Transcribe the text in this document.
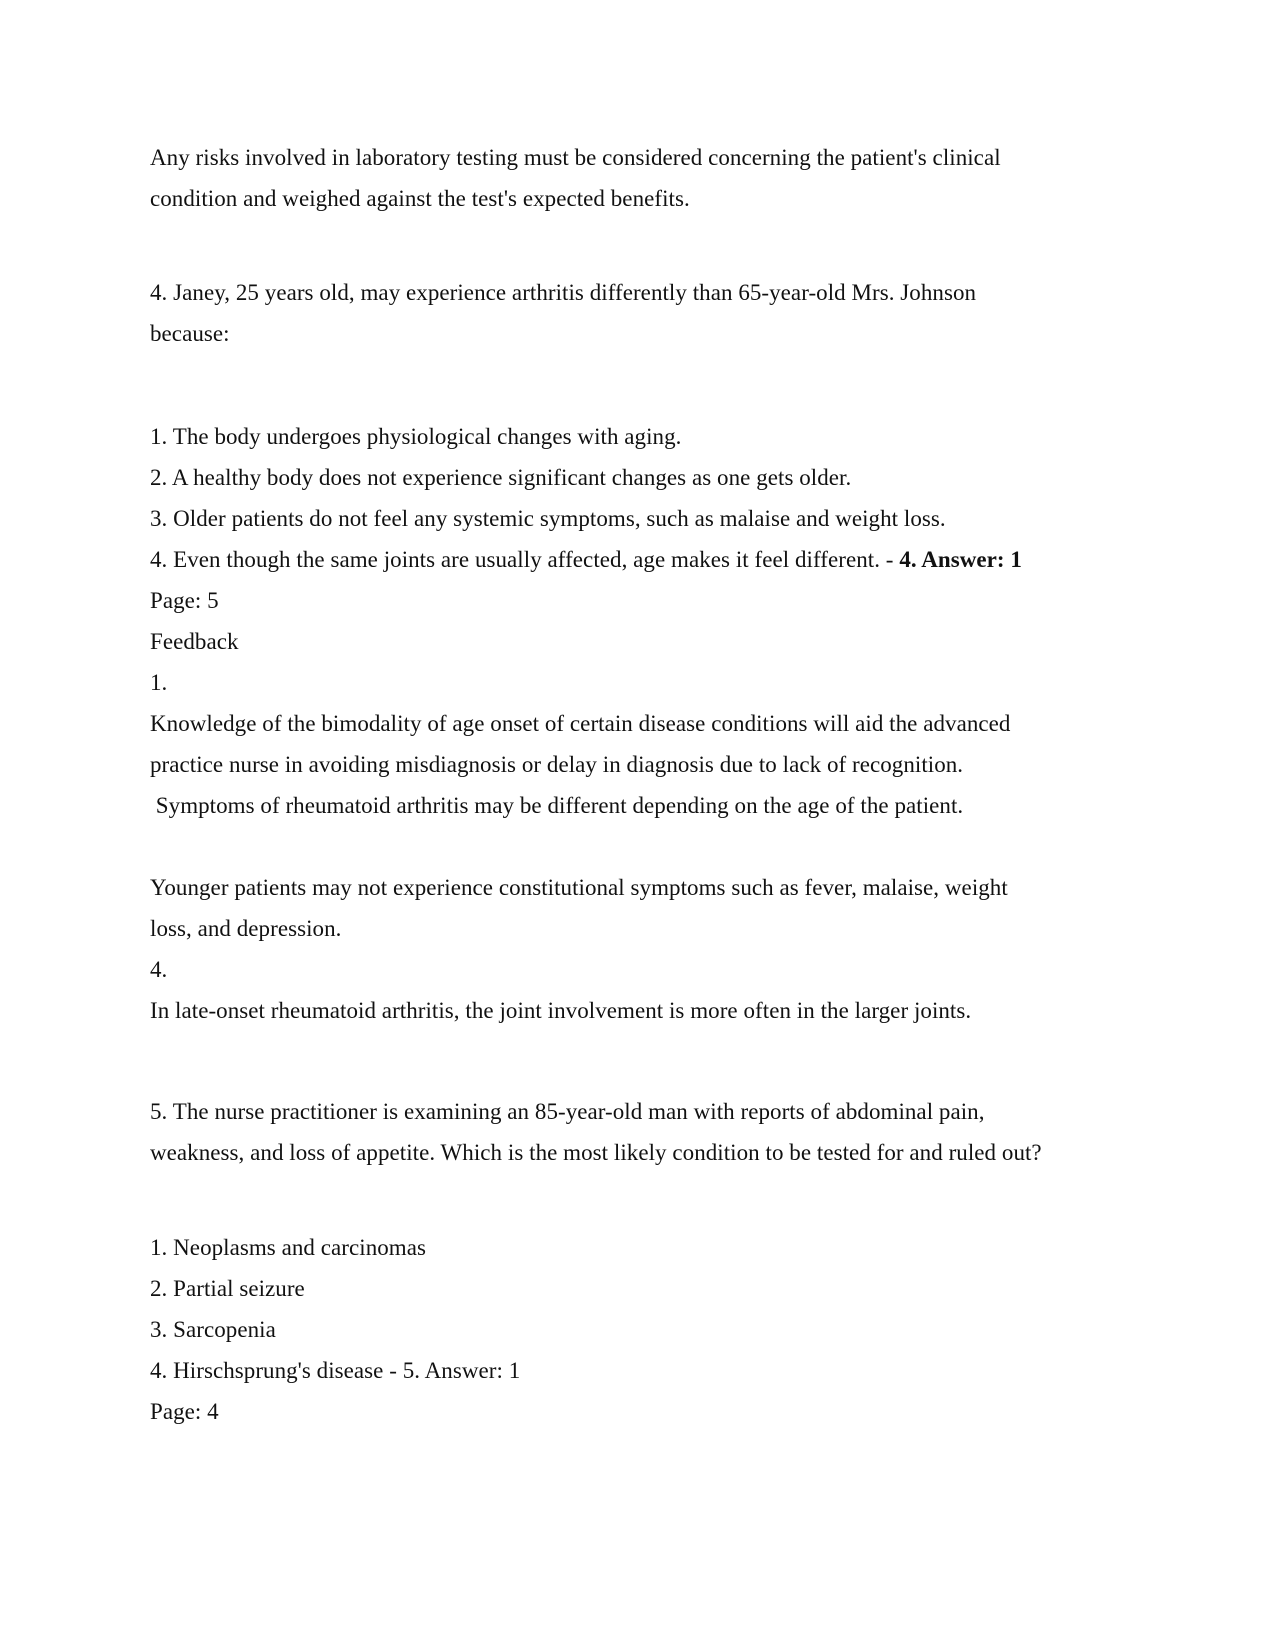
Any risks involved in laboratory testing must be considered concerning the patient's clinical
condition and weighed against the test's expected benefits.
4. Janey, 25 years old, may experience arthritis differently than 65-year-old Mrs. Johnson
because:
1. The body undergoes physiological changes with aging.
2. A healthy body does not experience significant changes as one gets older.
3. Older patients do not feel any systemic symptoms, such as malaise and weight loss.
4. Even though the same joints are usually affected, age makes it feel different. - 4. Answer: 1
Page: 5
Feedback
1.
Knowledge of the bimodality of age onset of certain disease conditions will aid the advanced
practice nurse in avoiding misdiagnosis or delay in diagnosis due to lack of recognition.
Symptoms of rheumatoid arthritis may be different depending on the age of the patient.
Younger patients may not experience constitutional symptoms such as fever, malaise, weight
loss, and depression.
4.
In late-onset rheumatoid arthritis, the joint involvement is more often in the larger joints.
5. The nurse practitioner is examining an 85-year-old man with reports of abdominal pain,
weakness, and loss of appetite. Which is the most likely condition to be tested for and ruled out?
1. Neoplasms and carcinomas
2. Partial seizure
3. Sarcopenia
4. Hirschsprung's disease - 5. Answer: 1
Page: 4
